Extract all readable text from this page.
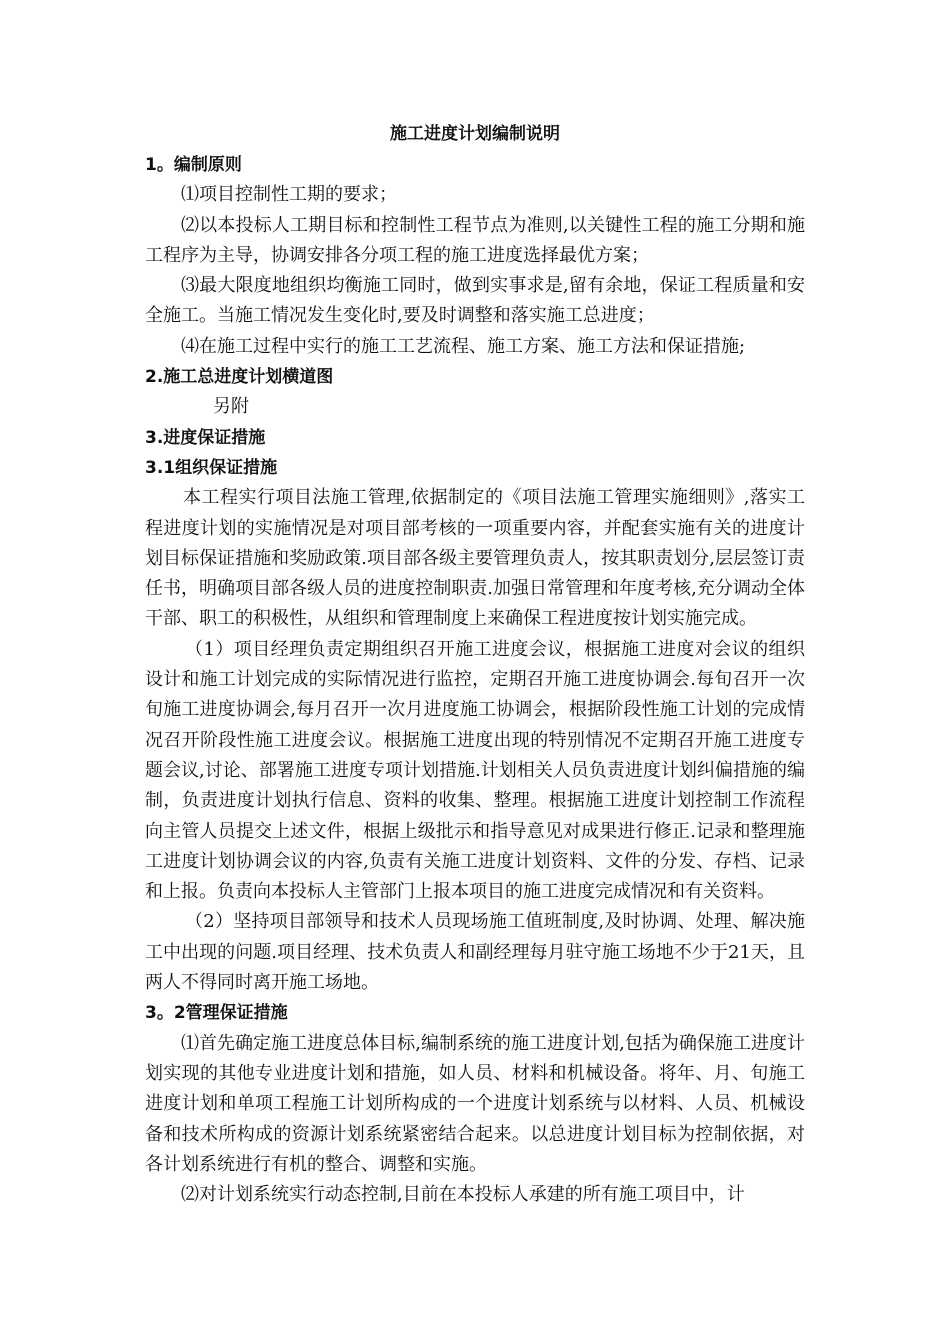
施工进度计划编制说明

1。编制原则

⑴项目控制性工期的要求；

⑵以本投标人工期目标和控制性工程节点为准则,以关键性工程的施工分期和施工程序为主导，协调安排各分项工程的施工进度选择最优方案；

⑶最大限度地组织均衡施工同时，做到实事求是,留有余地，保证工程质量和安全施工。当施工情况发生变化时,要及时调整和落实施工总进度；

⑷在施工过程中实行的施工工艺流程、施工方案、施工方法和保证措施;

2.施工总进度计划横道图

另附

3.进度保证措施

3.1组织保证措施

本工程实行项目法施工管理,依据制定的《项目法施工管理实施细则》,落实工程进度计划的实施情况是对项目部考核的一项重要内容，并配套实施有关的进度计划目标保证措施和奖励政策.项目部各级主要管理负责人，按其职责划分,层层签订责任书，明确项目部各级人员的进度控制职责.加强日常管理和年度考核,充分调动全体干部、职工的积极性，从组织和管理制度上来确保工程进度按计划实施完成。

（1）项目经理负责定期组织召开施工进度会议，根据施工进度对会议的组织设计和施工计划完成的实际情况进行监控，定期召开施工进度协调会.每旬召开一次旬施工进度协调会,每月召开一次月进度施工协调会，根据阶段性施工计划的完成情况召开阶段性施工进度会议。根据施工进度出现的特别情况不定期召开施工进度专题会议,讨论、部署施工进度专项计划措施.计划相关人员负责进度计划纠偏措施的编制，负责进度计划执行信息、资料的收集、整理。根据施工进度计划控制工作流程向主管人员提交上述文件，根据上级批示和指导意见对成果进行修正.记录和整理施工进度计划协调会议的内容,负责有关施工进度计划资料、文件的分发、存档、记录和上报。负责向本投标人主管部门上报本项目的施工进度完成情况和有关资料。

（2）坚持项目部领导和技术人员现场施工值班制度,及时协调、处理、解决施工中出现的问题.项目经理、技术负责人和副经理每月驻守施工场地不少于21天，且两人不得同时离开施工场地。

3。2管理保证措施

⑴首先确定施工进度总体目标,编制系统的施工进度计划,包括为确保施工进度计划实现的其他专业进度计划和措施，如人员、材料和机械设备。将年、月、旬施工进度计划和单项工程施工计划所构成的一个进度计划系统与以材料、人员、机械设备和技术所构成的资源计划系统紧密结合起来。以总进度计划目标为控制依据，对各计划系统进行有机的整合、调整和实施。

⑵对计划系统实行动态控制,目前在本投标人承建的所有施工项目中，计
